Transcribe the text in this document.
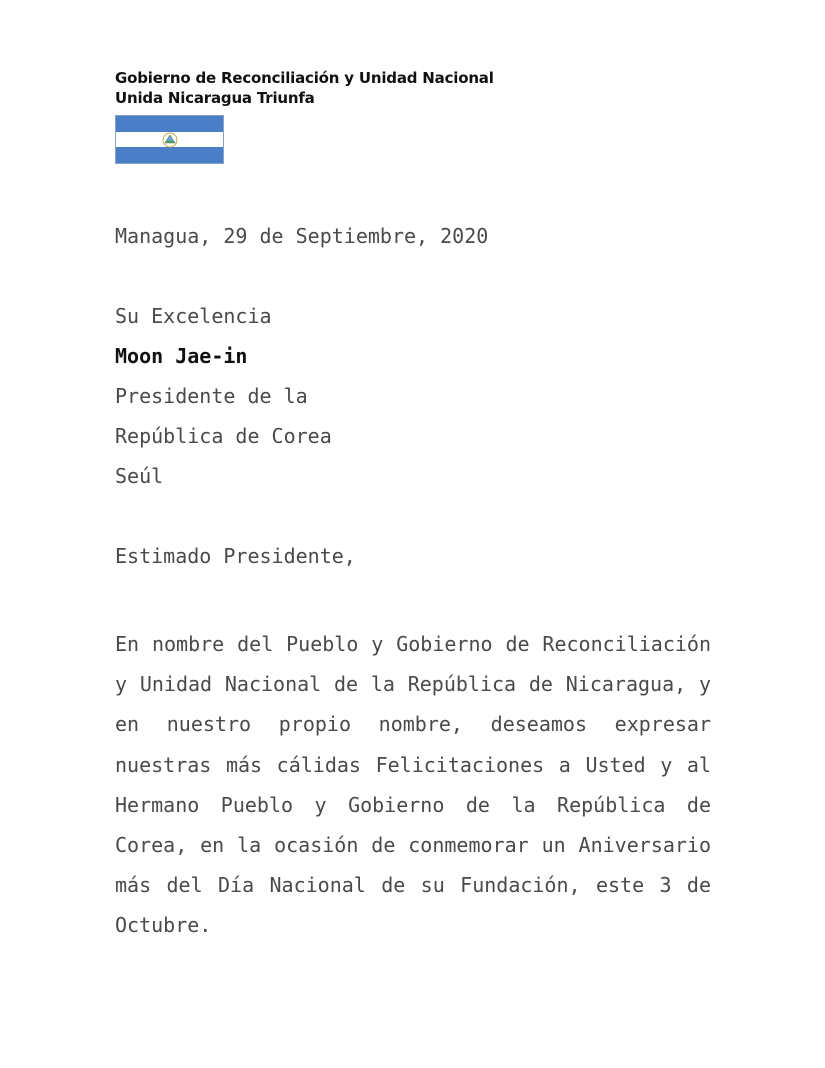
Gobierno de Reconciliación y Unidad Nacional
Unida Nicaragua Triunfa
Managua, 29 de Septiembre, 2020
Su Excelencia
Moon Jae-in
Presidente de la
República de Corea
Seúl
Estimado Presidente,
En nombre del Pueblo y Gobierno de Reconciliación y Unidad Nacional de la República de Nicaragua, y en nuestro propio nombre, deseamos expresar nuestras más cálidas Felicitaciones a Usted y al Hermano Pueblo y Gobierno de la República de Corea, en la ocasión de conmemorar un Aniversario más del Día Nacional de su Fundación, este 3 de Octubre.
